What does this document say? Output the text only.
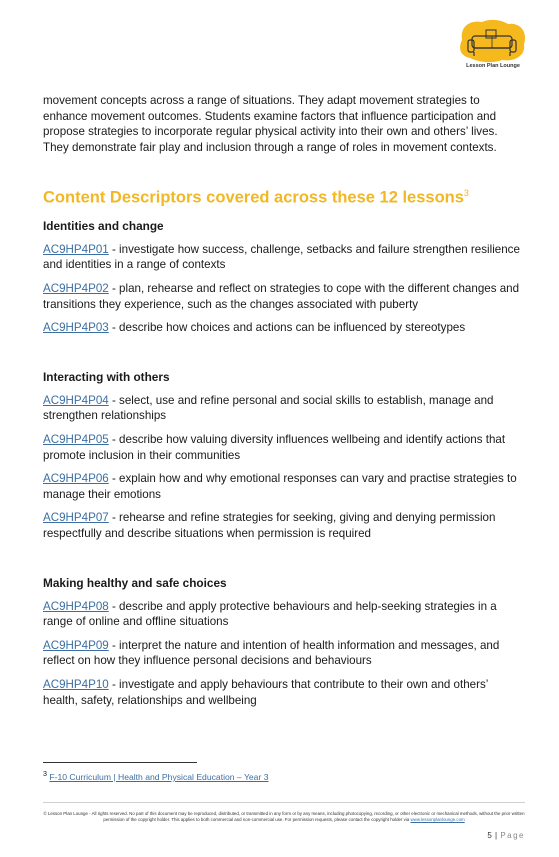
Lesson Plan Lounge

movement concepts across a range of situations. They adapt movement strategies to enhance movement outcomes. Students examine factors that influence participation and propose strategies to incorporate regular physical activity into their own and others’ lives. They demonstrate fair play and inclusion through a range of roles in movement contexts.

Content Descriptors covered across these 12 lessons$^3$
Identities and change

AC9HP4P01 - investigate how success, challenge, setbacks and failure strengthen resilience and identities in a range of contexts

AC9HP4P02 - plan, rehearse and reflect on strategies to cope with the different changes and transitions they experience, such as the changes associated with puberty

AC9HP4P03 - describe how choices and actions can be influenced by stereotypes

Interacting with others

AC9HP4P04 - select, use and refine personal and social skills to establish, manage and strengthen relationships

AC9HP4P05 - describe how valuing diversity influences wellbeing and identify actions that promote inclusion in their communities

AC9HP4P06 - explain how and why emotional responses can vary and practise strategies to manage their emotions

AC9HP4P07 - rehearse and refine strategies for seeking, giving and denying permission respectfully and describe situations when permission is required

Making healthy and safe choices

AC9HP4P08 - describe and apply protective behaviours and help-seeking strategies in a range of online and offline situations

AC9HP4P09 - interpret the nature and intention of health information and messages, and reflect on how they influence personal decisions and behaviours

AC9HP4P10 - investigate and apply behaviours that contribute to their own and others’ health, safety, relationships and wellbeing

$^3$ F-10 Curriculum | Health and Physical Education – Year 3
© Lesson Plan Lounge - All rights reserved. No part of this document may be reproduced, distributed, or transmitted in any form or by any means, including photocopying, recording, or other electronic or mechanical methods, without the prior written permission of the copyright holder. This applies to both commercial and non-commercial use. For permission requests, please contact the copyright holder via www.lessonplanlounge.com
5 | Page
